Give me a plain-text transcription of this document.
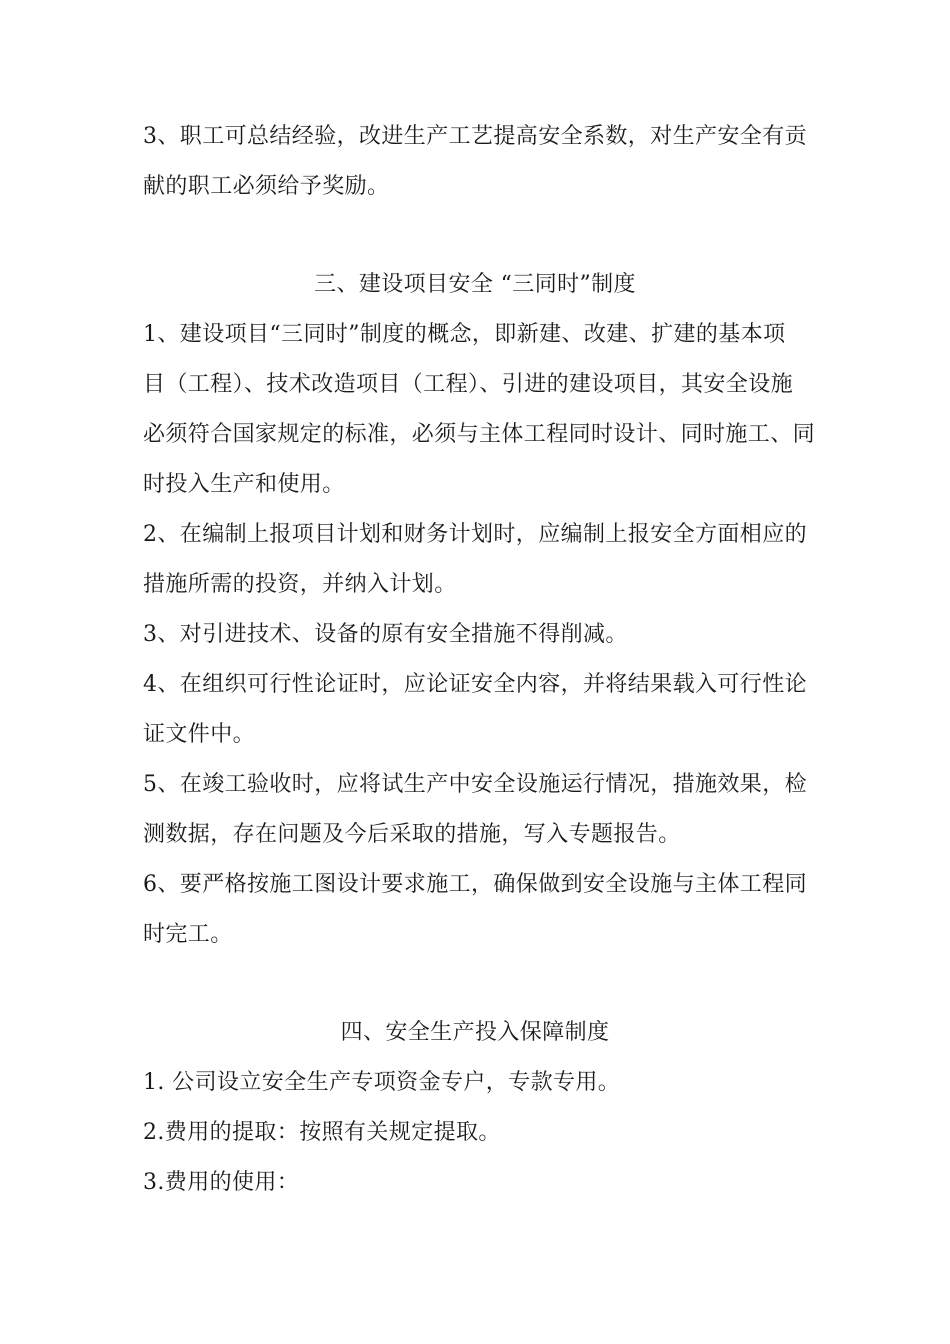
3、职工可总结经验，改进生产工艺提高安全系数，对生产安全有贡
献的职工必须给予奖励。
三、建设项目安全 “三同时”制度
1、建设项目“三同时”制度的概念，即新建、改建、扩建的基本项
目（工程）、技术改造项目（工程）、引进的建设项目，其安全设施
必须符合国家规定的标准，必须与主体工程同时设计、同时施工、同
时投入生产和使用。
2、在编制上报项目计划和财务计划时，应编制上报安全方面相应的
措施所需的投资，并纳入计划。
3、对引进技术、设备的原有安全措施不得削减。
4、在组织可行性论证时，应论证安全内容，并将结果载入可行性论
证文件中。
5、在竣工验收时，应将试生产中安全设施运行情况，措施效果，检
测数据，存在问题及今后采取的措施，写入专题报告。
6、要严格按施工图设计要求施工，确保做到安全设施与主体工程同
时完工。
四、安全生产投入保障制度
1. 公司设立安全生产专项资金专户，专款专用。
2.费用的提取：按照有关规定提取。
3.费用的使用：
